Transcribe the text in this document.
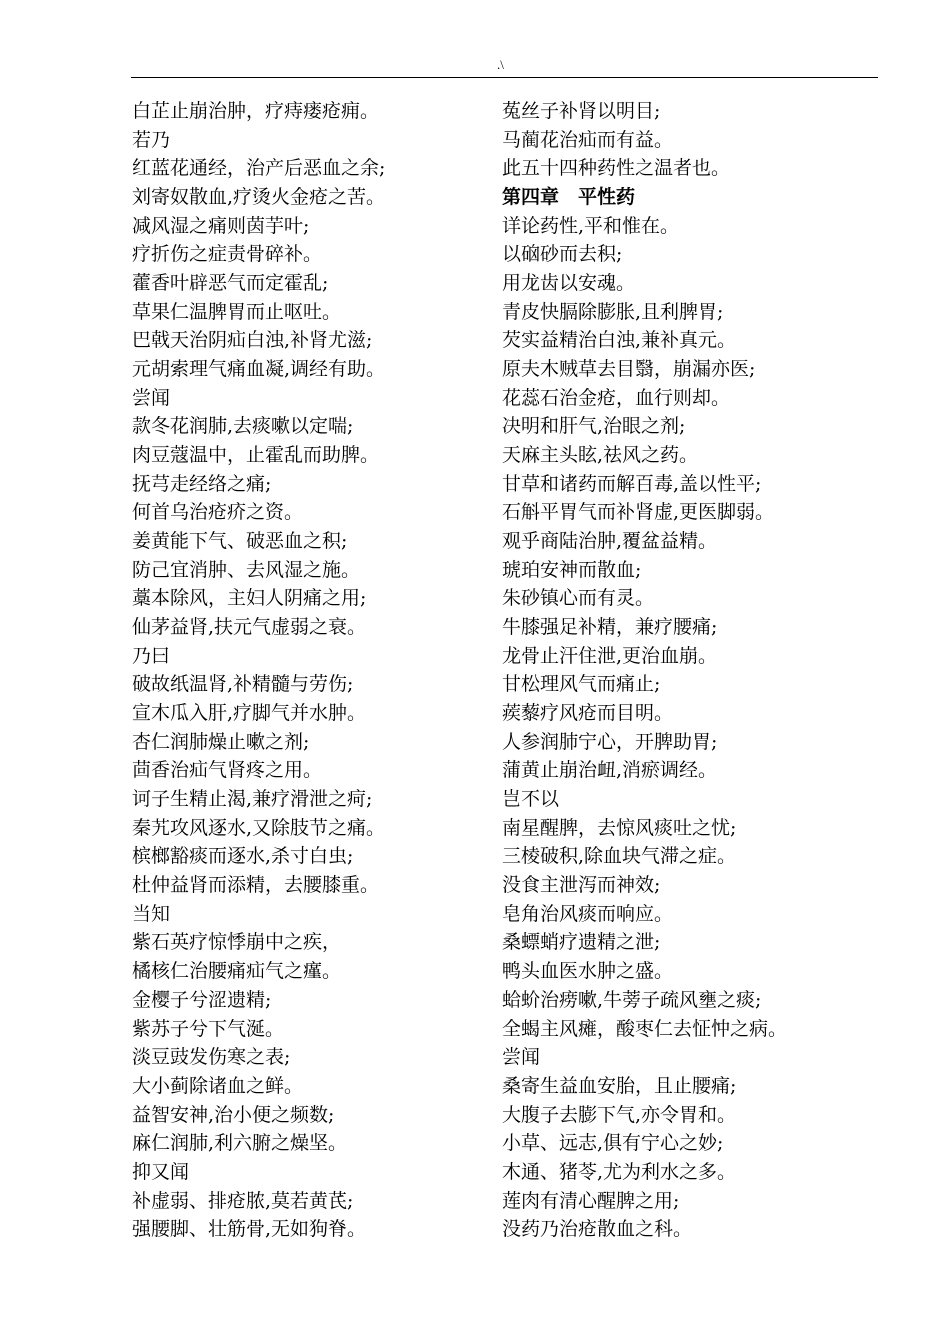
.\
白芷止崩治肿，疗痔瘘疮痈。
若乃
红蓝花通经，治产后恶血之余;
刘寄奴散血,疗烫火金疮之苦。
减风湿之痛则茵芋叶;
疗折伤之症责骨碎补。
藿香叶辟恶气而定霍乱;
草果仁温脾胃而止呕吐。
巴戟天治阴疝白浊,补肾尤滋;
元胡索理气痛血凝,调经有助。
尝闻
款冬花润肺,去痰嗽以定喘;
肉豆蔻温中，止霍乱而助脾。
抚芎走经络之痛;
何首乌治疮疥之资。
姜黄能下气、破恶血之积;
防己宜消肿、去风湿之施。
藁本除风，主妇人阴痛之用;
仙茅益肾,扶元气虚弱之衰。
乃曰
破故纸温肾,补精髓与劳伤;
宣木瓜入肝,疗脚气并水肿。
杏仁润肺燥止嗽之剂;
茴香治疝气肾疼之用。
诃子生精止渴,兼疗滑泄之疴;
秦艽攻风逐水,又除肢节之痛。
槟榔豁痰而逐水,杀寸白虫;
杜仲益肾而添精，去腰膝重。
当知
紫石英疗惊悸崩中之疾，
橘核仁治腰痛疝气之瘽。
金樱子兮涩遗精;
紫苏子兮下气涎。
淡豆豉发伤寒之表;
大小蓟除诸血之鲜。
益智安神,治小便之频数;
麻仁润肺,利六腑之燥坚。
抑又闻
补虚弱、排疮脓,莫若黄芪;
强腰脚、壮筋骨,无如狗脊。
菟丝子补肾以明目;
马蔺花治疝而有益。
此五十四种药性之温者也。
第四章　平性药
详论药性,平和惟在。
以硇砂而去积;
用龙齿以安魂。
青皮快膈除膨胀,且利脾胃;
芡实益精治白浊,兼补真元。
原夫木贼草去目翳，崩漏亦医;
花蕊石治金疮，血行则却。
决明和肝气,治眼之剂;
天麻主头眩,祛风之药。
甘草和诸药而解百毒,盖以性平;
石斛平胃气而补肾虚,更医脚弱。
观乎商陆治肿,覆盆益精。
琥珀安神而散血;
朱砂镇心而有灵。
牛膝强足补精，兼疗腰痛;
龙骨止汗住泄,更治血崩。
甘松理风气而痛止;
蒺藜疗风疮而目明。
人参润肺宁心，开脾助胃;
蒲黄止崩治衄,消瘀调经。
岂不以
南星醒脾，去惊风痰吐之忧;
三棱破积,除血块气滞之症。
没食主泄泻而神效;
皂角治风痰而响应。
桑螵蛸疗遗精之泄;
鸭头血医水肿之盛。
蛤蚧治痨嗽,牛蒡子疏风壅之痰;
全蝎主风瘫，酸枣仁去怔忡之病。
尝闻
桑寄生益血安胎，且止腰痛;
大腹子去膨下气,亦令胃和。
小草、远志,俱有宁心之妙;
木通、猪苓,尤为利水之多。
莲肉有清心醒脾之用;
没药乃治疮散血之科。
